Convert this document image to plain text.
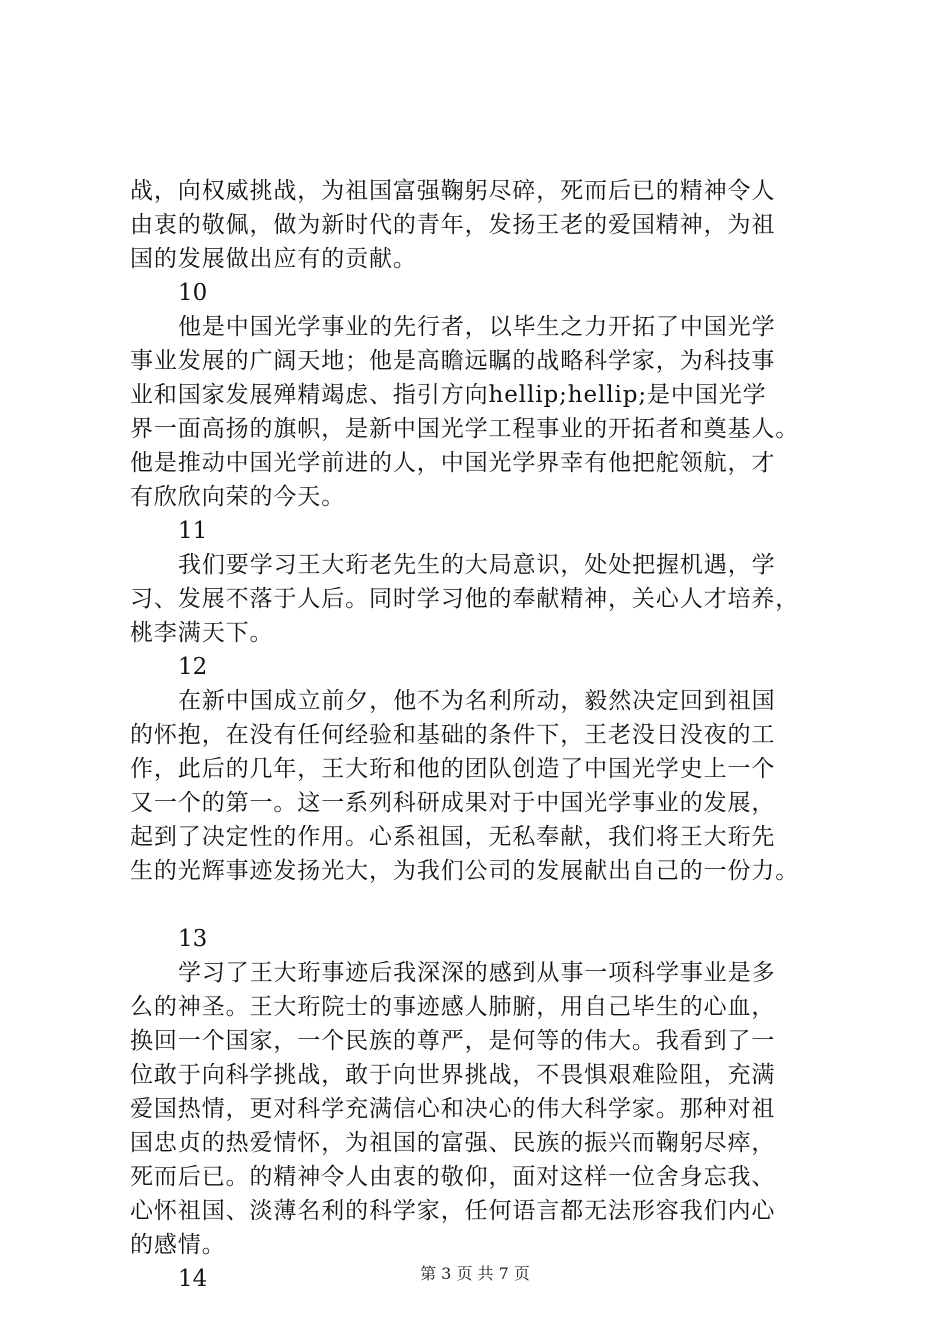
战，向权威挑战，为祖国富强鞠躬尽碎，死而后已的精神令人
由衷的敬佩，做为新时代的青年，发扬王老的爱国精神，为祖
国的发展做出应有的贡献。
10
他是中国光学事业的先行者，以毕生之力开拓了中国光学
事业发展的广阔天地；他是高瞻远瞩的战略科学家，为科技事
业和国家发展殚精竭虑、指引方向hellip;hellip;是中国光学
界一面高扬的旗帜，是新中国光学工程事业的开拓者和奠基人。
他是推动中国光学前进的人，中国光学界幸有他把舵领航，才
有欣欣向荣的今天。
11
我们要学习王大珩老先生的大局意识，处处把握机遇，学
习、发展不落于人后。同时学习他的奉献精神，关心人才培养，
桃李满天下。
12
在新中国成立前夕，他不为名利所动，毅然决定回到祖国
的怀抱，在没有任何经验和基础的条件下，王老没日没夜的工
作，此后的几年，王大珩和他的团队创造了中国光学史上一个
又一个的第一。这一系列科研成果对于中国光学事业的发展，
起到了决定性的作用。心系祖国，无私奉献，我们将王大珩先
生的光辉事迹发扬光大，为我们公司的发展献出自己的一份力。
13
学习了王大珩事迹后我深深的感到从事一项科学事业是多
么的神圣。王大珩院士的事迹感人肺腑，用自己毕生的心血，
换回一个国家，一个民族的尊严，是何等的伟大。我看到了一
位敢于向科学挑战，敢于向世界挑战，不畏惧艰难险阻，充满
爱国热情，更对科学充满信心和决心的伟大科学家。那种对祖
国忠贞的热爱情怀，为祖国的富强、民族的振兴而鞠躬尽瘁，
死而后已。的精神令人由衷的敬仰，面对这样一位舍身忘我、
心怀祖国、淡薄名利的科学家，任何语言都无法形容我们内心
的感情。
14	第 3 页 共 7 页
